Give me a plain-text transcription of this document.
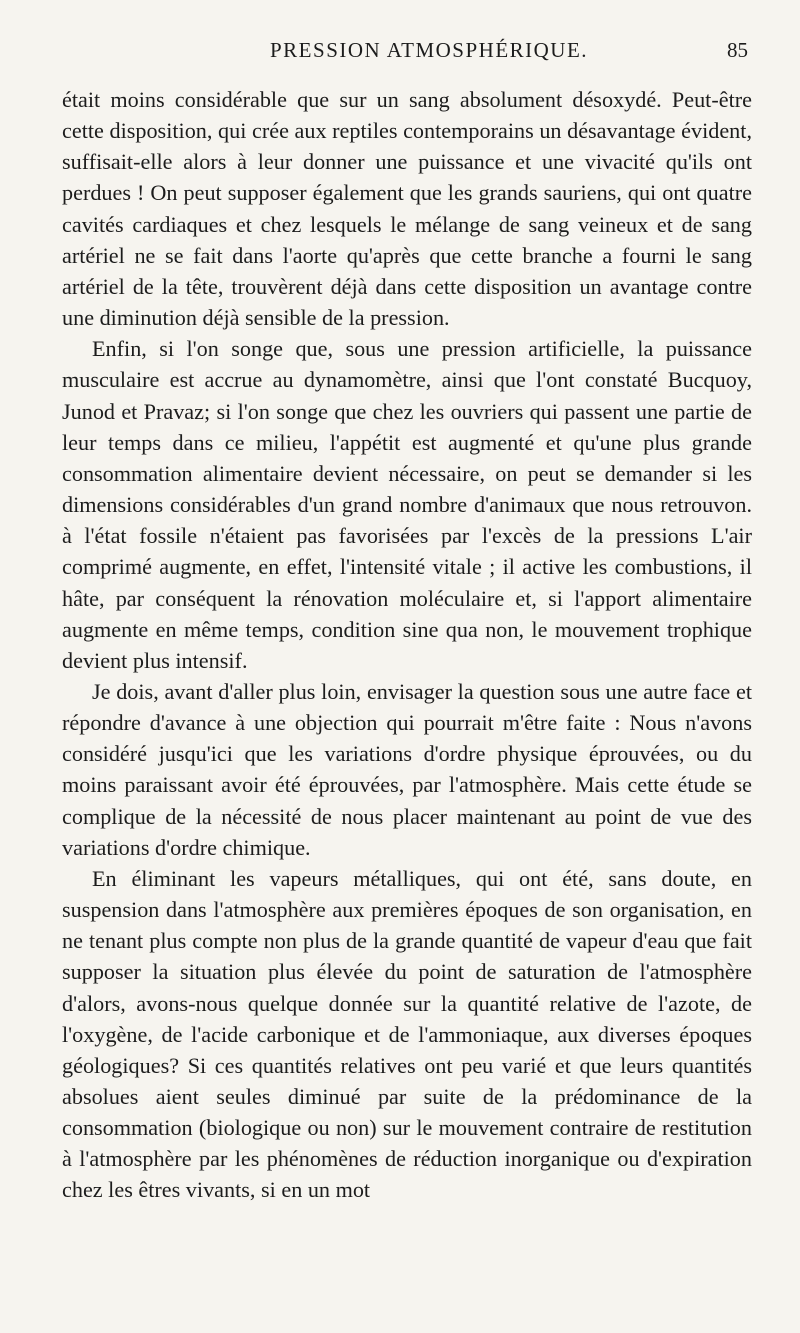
PRESSION ATMOSPHÉRIQUE.	85

était moins considérable que sur un sang absolument désoxydé. Peut-être cette disposition, qui crée aux reptiles contemporains un désavantage évident, suffisait-elle alors à leur donner une puissance et une vivacité qu'ils ont perdues ! On peut supposer également que les grands sauriens, qui ont quatre cavités cardiaques et chez lesquels le mélange de sang veineux et de sang artériel ne se fait dans l'aorte qu'après que cette branche a fourni le sang artériel de la tête, trouvèrent déjà dans cette disposition un avantage contre une diminution déjà sensible de la pression.

Enfin, si l'on songe que, sous une pression artificielle, la puissance musculaire est accrue au dynamomètre, ainsi que l'ont constaté Bucquoy, Junod et Pravaz; si l'on songe que chez les ouvriers qui passent une partie de leur temps dans ce milieu, l'appétit est augmenté et qu'une plus grande consommation alimentaire devient nécessaire, on peut se demander si les dimensions considérables d'un grand nombre d'animaux que nous retrouvon. à l'état fossile n'étaient pas favorisées par l'excès de la pressions L'air comprimé augmente, en effet, l'intensité vitale ; il active les combustions, il hâte, par conséquent la rénovation moléculaire et, si l'apport alimentaire augmente en même temps, condition sine qua non, le mouvement trophique devient plus intensif.

Je dois, avant d'aller plus loin, envisager la question sous une autre face et répondre d'avance à une objection qui pourrait m'être faite : Nous n'avons considéré jusqu'ici que les variations d'ordre physique éprouvées, ou du moins paraissant avoir été éprouvées, par l'atmosphère. Mais cette étude se complique de la nécessité de nous placer maintenant au point de vue des variations d'ordre chimique.

En éliminant les vapeurs métalliques, qui ont été, sans doute, en suspension dans l'atmosphère aux premières époques de son organisation, en ne tenant plus compte non plus de la grande quantité de vapeur d'eau que fait supposer la situation plus élevée du point de saturation de l'atmosphère d'alors, avons-nous quelque donnée sur la quantité relative de l'azote, de l'oxygène, de l'acide carbonique et de l'ammoniaque, aux diverses époques géologiques? Si ces quantités relatives ont peu varié et que leurs quantités absolues aient seules diminué par suite de la prédominance de la consommation (biologique ou non) sur le mouvement contraire de restitution à l'atmosphère par les phénomènes de réduction inorganique ou d'expiration chez les êtres vivants, si en un mot
